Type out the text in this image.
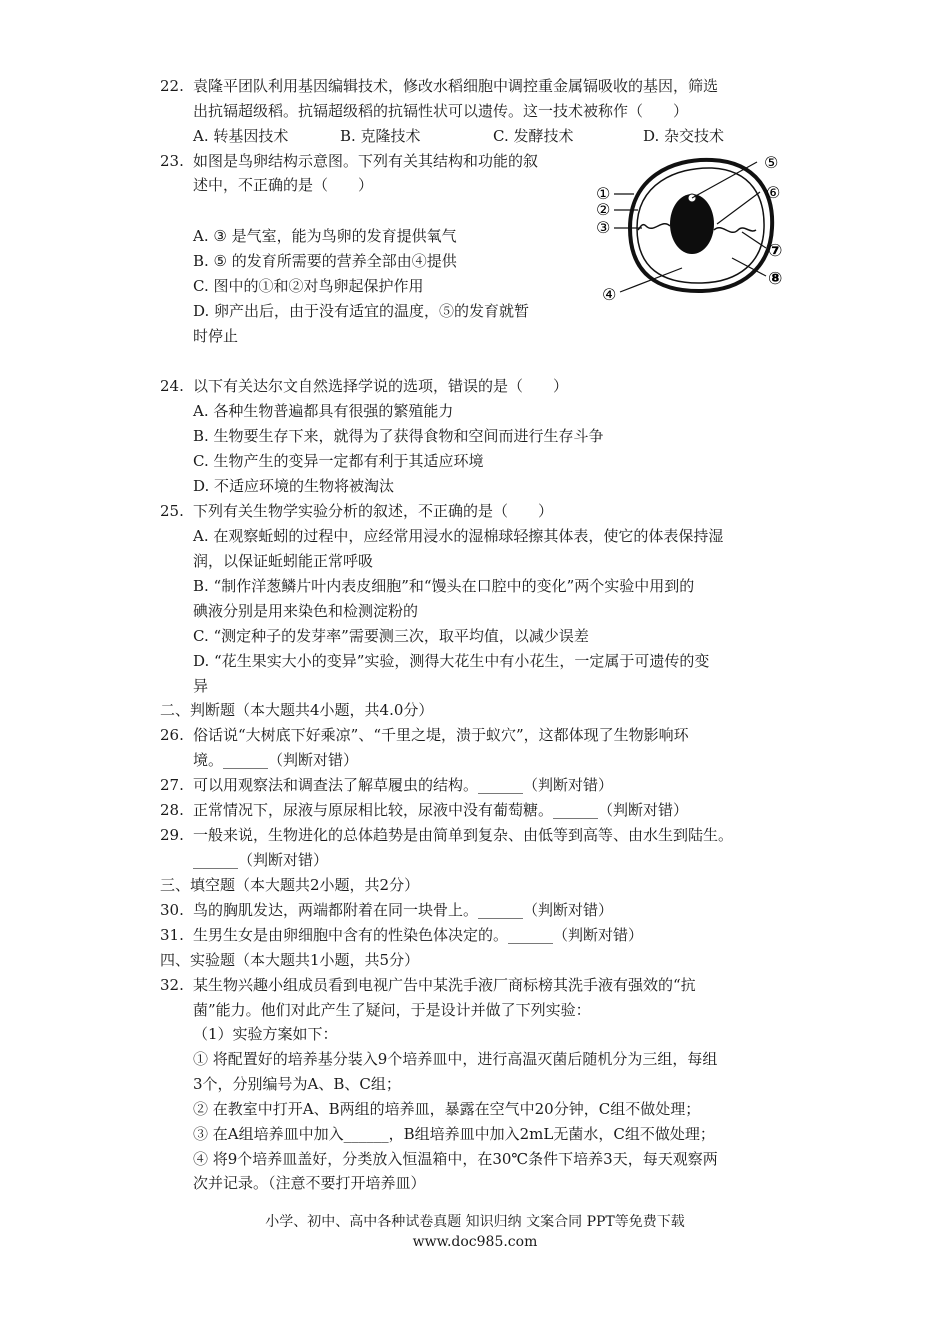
22. 袁隆平团队利用基因编辑技术，修改水稻细胞中调控重金属镉吸收的基因，筛选
出抗镉超级稻。抗镉超级稻的抗镉性状可以遗传。这一技术被称作（　　）
A. 转基因技术	B. 克隆技术	C. 发酵技术	D. 杂交技术
23. 如图是鸟卵结构示意图。下列有关其结构和功能的叙
述中，不正确的是（　　）
A. ③ 是气室，能为鸟卵的发育提供氧气
B. ⑤ 的发育所需要的营养全部由④提供
C. 图中的①和②对鸟卵起保护作用
D. 卵产出后，由于没有适宜的温度，⑤的发育就暂
时停止
①
②
③
④
⑤
⑥
⑦
⑧
24. 以下有关达尔文自然选择学说的选项，错误的是（　　）
A. 各种生物普遍都具有很强的繁殖能力
B. 生物要生存下来，就得为了获得食物和空间而进行生存斗争
C. 生物产生的变异一定都有利于其适应环境
D. 不适应环境的生物将被淘汰
25. 下列有关生物学实验分析的叙述，不正确的是（　　）
A. 在观察蚯蚓的过程中，应经常用浸水的湿棉球轻擦其体表，使它的体表保持湿
润，以保证蚯蚓能正常呼吸
B. “制作洋葱鳞片叶内表皮细胞”和“馒头在口腔中的变化”两个实验中用到的
碘液分别是用来染色和检测淀粉的
C. “测定种子的发芽率”需要测三次，取平均值，以减少误差
D. “花生果实大小的变异”实验，测得大花生中有小花生，一定属于可遗传的变
异
二、判断题（本大题共4小题，共4.0分）
26. 俗话说“大树底下好乘凉”、“千里之堤，溃于蚁穴”，这都体现了生物影响环
境。______（判断对错）
27. 可以用观察法和调查法了解草履虫的结构。______（判断对错）
28. 正常情况下，尿液与原尿相比较，尿液中没有葡萄糖。______（判断对错）
29. 一般来说，生物进化的总体趋势是由简单到复杂、由低等到高等、由水生到陆生。
______（判断对错）
三、填空题（本大题共2小题，共2分）
30. 鸟的胸肌发达，两端都附着在同一块骨上。______（判断对错）
31. 生男生女是由卵细胞中含有的性染色体决定的。______（判断对错）
四、实验题（本大题共1小题，共5分）
32. 某生物兴趣小组成员看到电视广告中某洗手液厂商标榜其洗手液有强效的“抗
菌”能力。他们对此产生了疑问，于是设计并做了下列实验：
（1）实验方案如下：
① 将配置好的培养基分装入9个培养皿中，进行高温灭菌后随机分为三组，每组
3个，分别编号为A、B、C组；
② 在教室中打开A、B两组的培养皿，暴露在空气中20分钟，C组不做处理；
③ 在A组培养皿中加入______，B组培养皿中加入2mL无菌水，C组不做处理；
④ 将9个培养皿盖好，分类放入恒温箱中，在30℃条件下培养3天，每天观察两
次并记录。（注意不要打开培养皿）
小学、初中、高中各种试卷真题 知识归纳 文案合同 PPT等免费下载
www.doc985.com
